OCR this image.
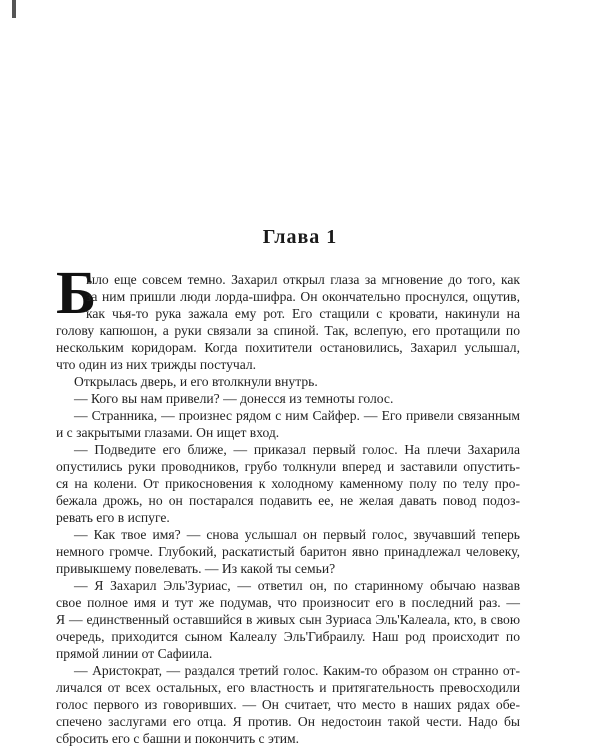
Глава 1
Б
ыло еще совсем темно. Захарил открыл глаза за мгновение до того, как
за ним пришли люди лорда-шифра. Он окончательно проснулся, ощутив,
как чья-то рука зажала ему рот. Его стащили с кровати, накинули на
голову капюшон, а руки связали за спиной. Так, вслепую, его протащили по
нескольким коридорам. Когда похитители остановились, Захарил услышал,
что один из них трижды постучал.
Открылась дверь, и его втолкнули внутрь.
— Кого вы нам привели? — донесся из темноты голос.
— Странника, — произнес рядом с ним Сайфер. — Его привели связанным
и с закрытыми глазами. Он ищет вход.
— Подведите его ближе, — приказал первый голос. На плечи Захарила
опустились руки проводников, грубо толкнули вперед и заставили опустить-
ся на колени. От прикосновения к холодному каменному полу по телу про-
бежала дрожь, но он постарался подавить ее, не желая давать повод подоз-
ревать его в испуге.
— Как твое имя? — снова услышал он первый голос, звучавший теперь
немного громче. Глубокий, раскатистый баритон явно принадлежал человеку,
привыкшему повелевать. — Из какой ты семьи?
— Я Захарил Эль'Зуриас, — ответил он, по старинному обычаю назвав
свое полное имя и тут же подумав, что произносит его в последний раз. —
Я — единственный оставшийся в живых сын Зуриаса Эль'Калеала, кто, в свою
очередь, приходится сыном Калеалу Эль'Гибраилу. Наш род происходит по
прямой линии от Сафиила.
— Аристократ, — раздался третий голос. Каким-то образом он странно от-
личался от всех остальных, его властность и притягательность превосходили
голос первого из говоривших. — Он считает, что место в наших рядах обе-
спечено заслугами его отца. Я против. Он недостоин такой чести. Надо бы
сбросить его с башни и покончить с этим.
